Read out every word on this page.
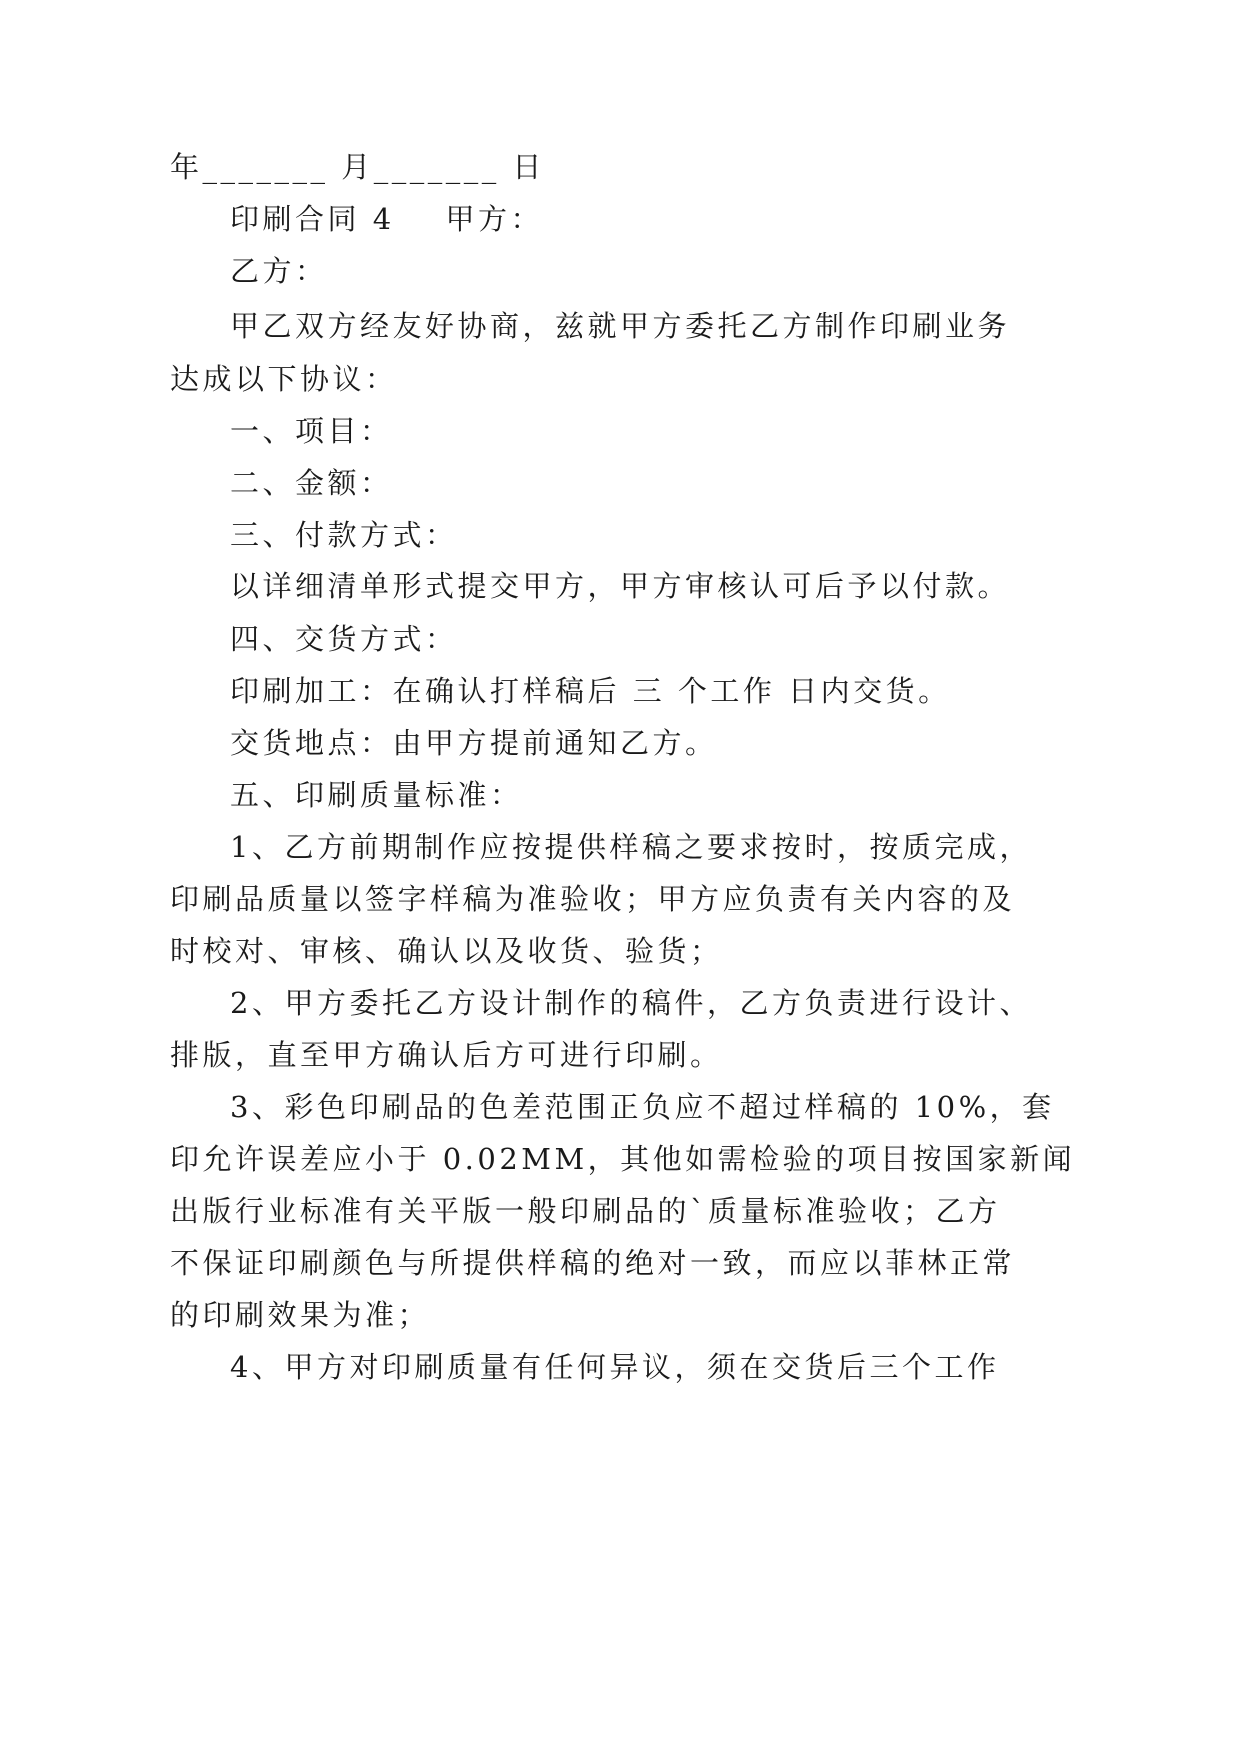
年_______ 月_______ 日
印刷合同 4    甲方：
乙方：
甲乙双方经友好协商，兹就甲方委托乙方制作印刷业务
达成以下协议：
一、项目：
二、金额：
三、付款方式：
以详细清单形式提交甲方，甲方审核认可后予以付款。
四、交货方式：
印刷加工：在确认打样稿后 三 个工作 日内交货。
交货地点：由甲方提前通知乙方。
五、印刷质量标准：
1、乙方前期制作应按提供样稿之要求按时，按质完成，
印刷品质量以签字样稿为准验收；甲方应负责有关内容的及
时校对、审核、确认以及收货、验货；
2、甲方委托乙方设计制作的稿件，乙方负责进行设计、
排版，直至甲方确认后方可进行印刷。
3、彩色印刷品的色差范围正负应不超过样稿的 10%，套
印允许误差应小于 0.02MM，其他如需检验的项目按国家新闻
出版行业标准有关平版一般印刷品的`质量标准验收；乙方
不保证印刷颜色与所提供样稿的绝对一致，而应以菲林正常
的印刷效果为准；
4、甲方对印刷质量有任何异议，须在交货后三个工作
